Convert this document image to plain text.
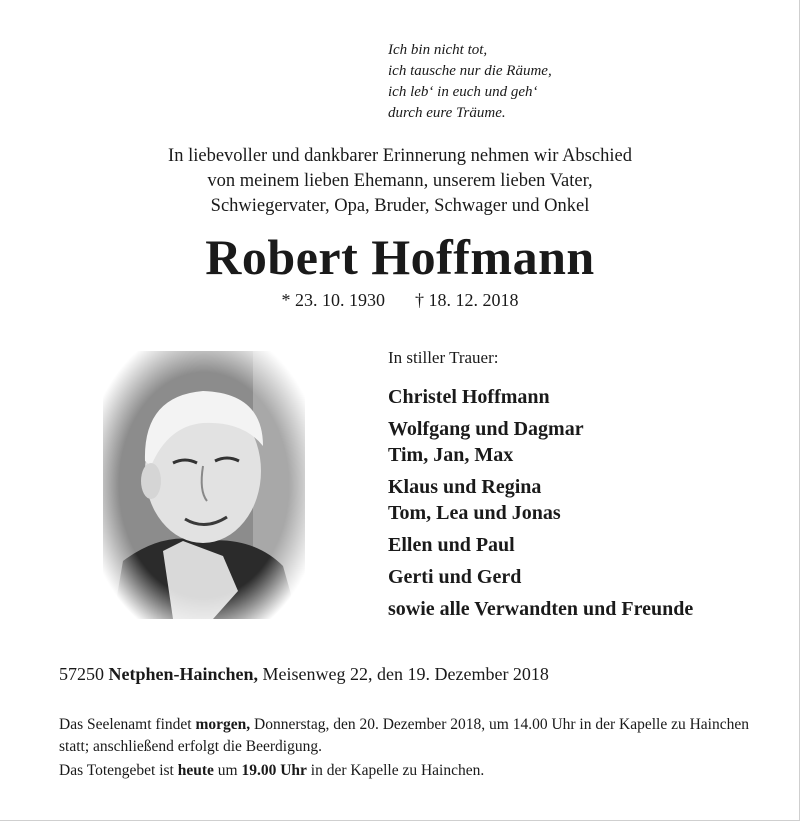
Ich bin nicht tot,
ich tausche nur die Räume,
ich leb‘ in euch und geh‘
durch eure Träume.
In liebevoller und dankbarer Erinnerung nehmen wir Abschied
von meinem lieben Ehemann, unserem lieben Vater,
Schwiegervater, Opa, Bruder, Schwager und Onkel
Robert Hoffmann
* 23. 10. 1930 † 18. 12. 2018
In stiller Trauer:
Christel Hoffmann
Wolfgang und Dagmar
Tim, Jan, Max
Klaus und Regina
Tom, Lea und Jonas
Ellen und Paul
Gerti und Gerd
sowie alle Verwandten und Freunde
57250 Netphen-Hainchen, Meisenweg 22, den 19. Dezember 2018

Das Seelenamt findet morgen, Donnerstag, den 20. Dezember 2018, um 14.00 Uhr in der Kapelle zu Hainchen statt; anschließend erfolgt die Beerdigung.

Das Totengebet ist heute um 19.00 Uhr in der Kapelle zu Hainchen.
